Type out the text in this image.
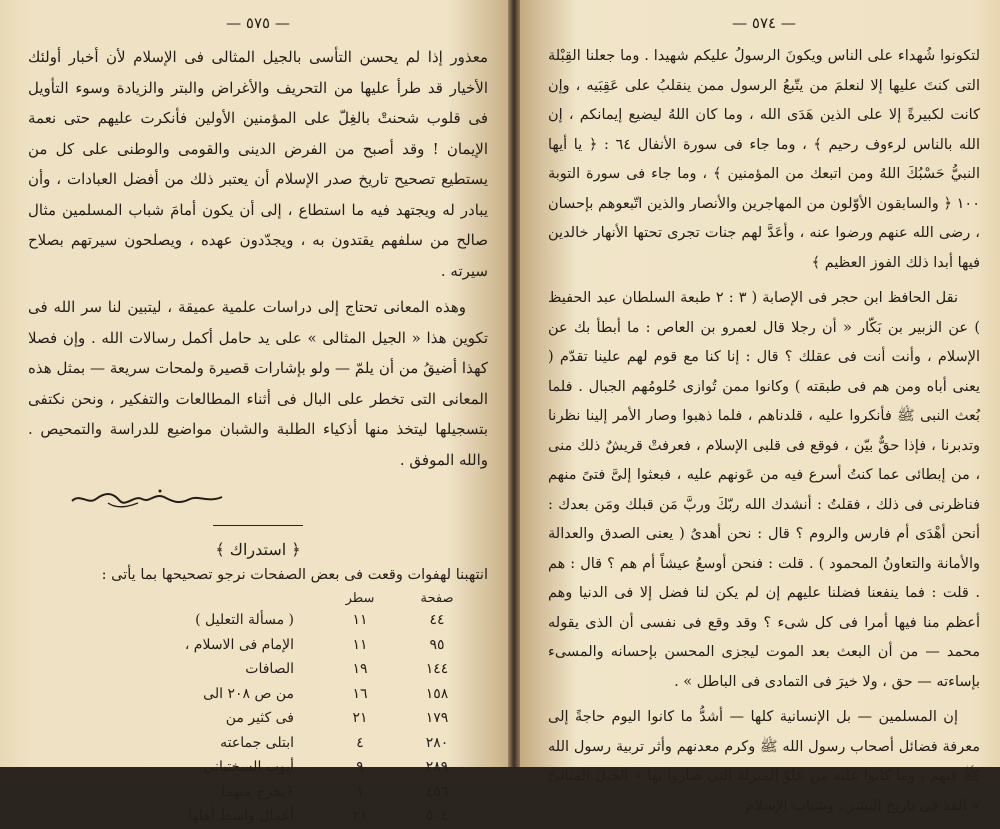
— ٥٧٥ —

معذور إذا لم يحسن التأسى بالجيل المثالى فى الإسلام لأن أخبار أولئك الأخيار قد طرأ عليها من التحريف والأغراض والبتر والزيادة وسوء التأويل فى قلوب شحنتْ بالغِلّ على المؤمنين الأولين فأنكرت عليهم حتى نعمة الإيمان ! وقد أصبح من الفرض الدينى والقومى والوطنى على كل من يستطيع تصحيح تاريخ صدر الإسلام أن يعتبر ذلك من أفضل العبادات ، وأن يبادر له ويجتهد فيه ما استطاع ، إلى أن يكون أمامَ شباب المسلمين مثال صالح من سلفهم يقتدون به ، ويجدّدون عهده ، ويصلحون سيرتهم بصلاح سيرته .

وهذه المعانى تحتاج إلى دراسات علمية عميقة ، ليتبين لنا سر الله فى تكوين هذا « الجيل المثالى » على يد حامل أكمل رسالات الله . وإن فصلا كهذا أضيقُ من أن يلمّ — ولو بإشارات قصيرة ولمحات سريعة — بمثل هذه المعانى التى تخطر على البال فى أثناء المطالعات والتفكير ، ونحن نكتفى بتسجيلها ليتخذ منها أذكياء الطلبة والشبان مواضيع للدراسة والتمحيص . والله الموفق .

﴿ استدراك ﴾
انتهبنا لهفوات وقعت فى بعض الصفحات نرجو تصحيحها بما يأتى :
صفحة	سطر	
٤٤	١١	( مسألة التعليل )
٩٥	١١	الإمام فى الاسلام ،
١٤٤	١٩	الصافات
١٥٨	١٦	من ص ٢٠٨ الى
١٧٩	٢١	فى كثير من
٢٨٠	٤	ابتلى جماعته
٢٨٩	٩	أيوب السختيانى
٤٥٦	١	﴿يخرج منهما
٥٠٤	٢١	أعمال واسط أهلها
— ٥٧٤ —

لتكونوا شُهداء على الناس ويكونَ الرسولُ عليكم شهيدا . وما جعلنا القِبْلة التى كنتَ عليها إلا لنعلمَ من يتّبعُ الرسول ممن ينقلبُ على عَقِبَيه ، وإن كانت لكبيرةً إلا على الذين هَدَى الله ، وما كان اللهُ ليضيع إيمانكم ، إن الله بالناس لرءوف رحيم ﴾ ، وما جاء فى سورة الأنفال ٦٤ : ﴿ يا أيها النبيُّ حَسْبُكَ اللهُ ومن اتبعك من المؤمنين ﴾ ، وما جاء فى سورة التوبة ١٠٠ ﴿ والسابقون الأوّلون من المهاجرين والأنصار والذين اتّبعوهم بإحسان ، رضى الله عنهم ورضوا عنه ، وأعَدَّ لهم جنات تجرى تحتها الأنهار خالدين فيها أبدا ذلك الفوز العظيم ﴾

نقل الحافظ ابن حجر فى الإصابة ( ٣ : ٢ طبعة السلطان عبد الحفيظ ) عن الزبير بن بَكّار « أن رجلا قال لعمرو بن العاص : ما أبطأ بك عن الإسلام ، وأنت أنت فى عقلك ؟ قال : إنا كنا مع قوم لهم علينا تقدّم ( يعنى أباه ومن هم فى طبقته ) وكانوا ممن تُوازى حُلومُهم الجبال . فلما بُعث النبى ﷺ فأنكروا عليه ، قلدناهم ، فلما ذهبوا وصار الأمر إلينا نظرنا وتدبرنا ، فإذا حقٌّ بيّن ، فوقع فى قلبى الإسلام ، فعرفتْ قريشٌ ذلك منى ، من إبطائى عما كنتُ أسرع فيه من عَونهم عليه ، فبعثوا إلىَّ فتىً منهم فناظرنى فى ذلك ، فقلتُ : أنشدك الله ربّكَ وربَّ مَن قبلك ومَن بعدك : أنحن أهْدَى أم فارس والروم ؟ قال : نحن أهدىُ ( يعنى الصدق والعدالة والأمانة والتعاونُ المحمود ) . قلت : فنحن أوسعُ عيشاً أم هم ؟ قال : هم . قلت : فما ينفعنا فضلنا عليهم إن لم يكن لنا فضل إلا فى الدنيا وهم أعظم منا فيها أمرا فى كل شىء ؟ وقد وقع فى نفسى أن الذى يقوله محمد — من أن البعث بعد الموت ليجزى المحسن بإحسانه والمسىء بإساءته — حق ، ولا خيرَ فى التمادى فى الباطل » .

إن المسلمين — بل الإنسانية كلها — أشدُّ ما كانوا اليوم حاجةً إلى معرفة فضائل أصحاب رسول الله ﷺ وكرم معدنهم وأثر تربية رسول الله ﷺ فيهم ، وما كانوا عليه من علوّ المنزلة التى صاروا بها « الجيلَ المثالىَّ » الفذ فى تاريخ البشر . وشباب الإسلام
